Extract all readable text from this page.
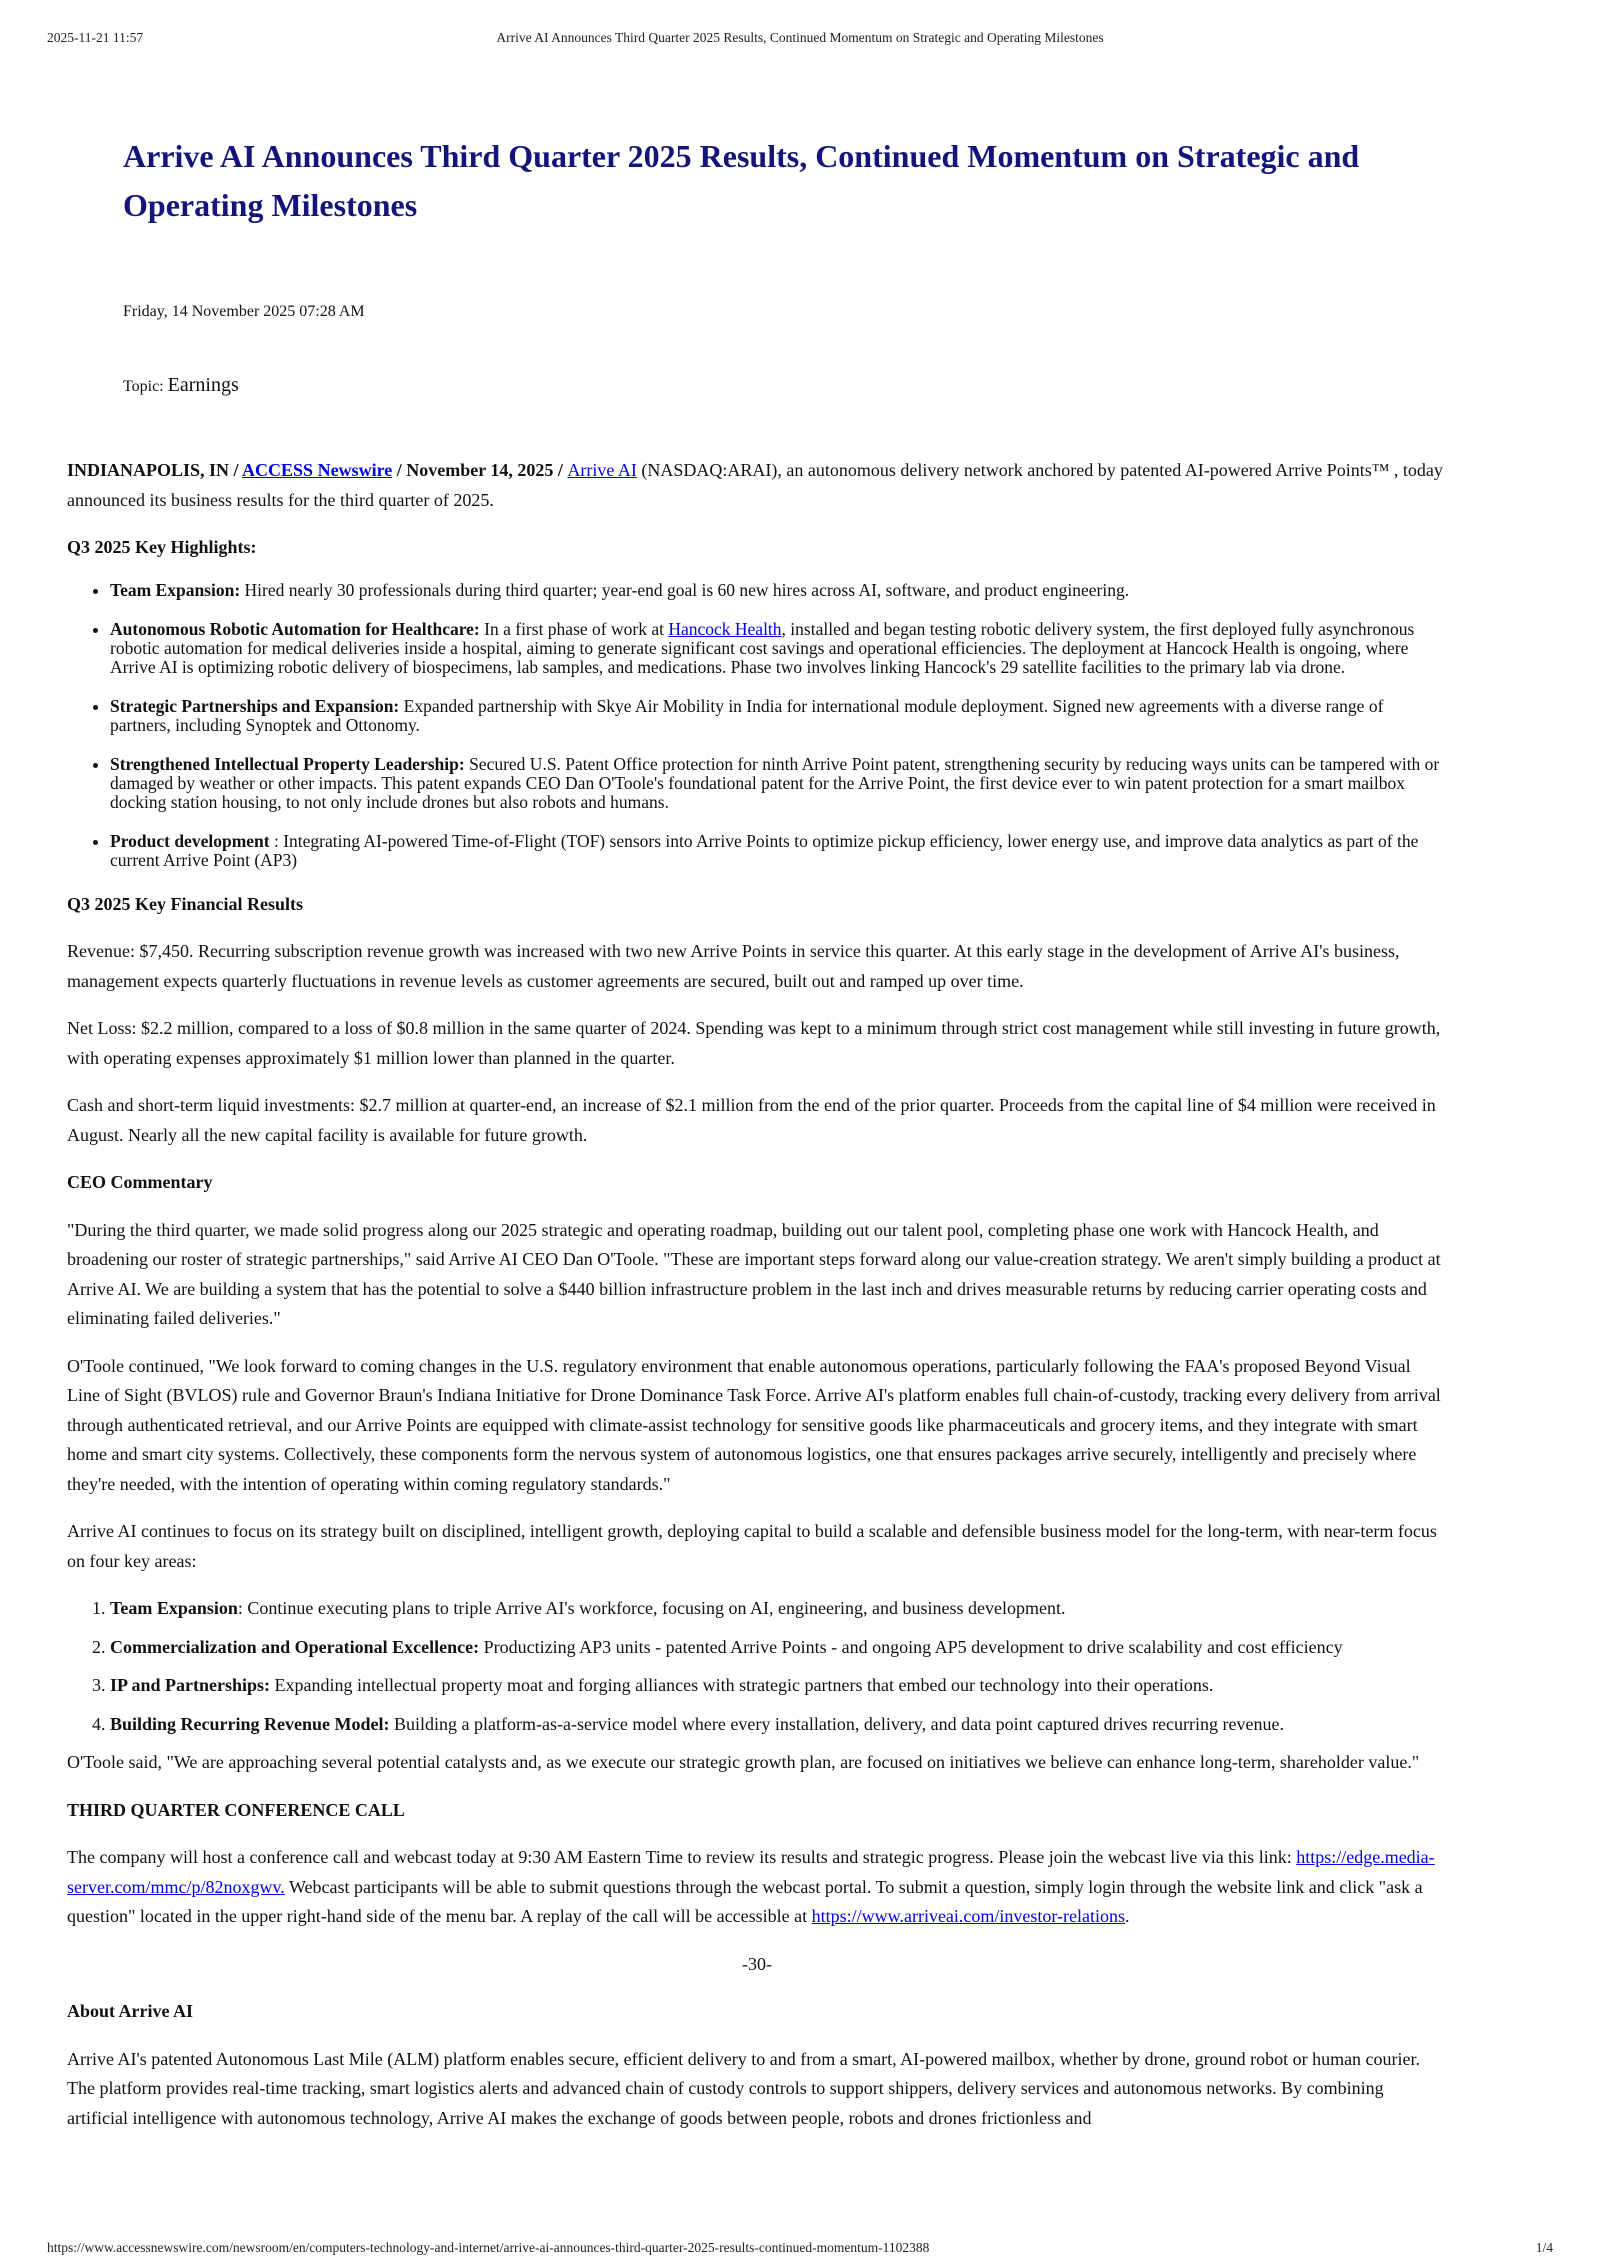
2025-11-21 11:57	Arrive AI Announces Third Quarter 2025 Results, Continued Momentum on Strategic and Operating Milestones
Arrive AI Announces Third Quarter 2025 Results, Continued Momentum on Strategic and Operating Milestones
Friday, 14 November 2025 07:28 AM
Topic: Earnings

INDIANAPOLIS, IN / ACCESS Newswire / November 14, 2025 / Arrive AI (NASDAQ:ARAI), an autonomous delivery network anchored by patented AI-powered Arrive Points™ , today announced its business results for the third quarter of 2025.

Q3 2025 Key Highlights:

• Team Expansion: Hired nearly 30 professionals during third quarter; year-end goal is 60 new hires across AI, software, and product engineering.
• Autonomous Robotic Automation for Healthcare: In a first phase of work at Hancock Health, installed and began testing robotic delivery system, the first deployed fully asynchronous robotic automation for medical deliveries inside a hospital, aiming to generate significant cost savings and operational efficiencies. The deployment at Hancock Health is ongoing, where Arrive AI is optimizing robotic delivery of biospecimens, lab samples, and medications. Phase two involves linking Hancock's 29 satellite facilities to the primary lab via drone.
• Strategic Partnerships and Expansion: Expanded partnership with Skye Air Mobility in India for international module deployment. Signed new agreements with a diverse range of partners, including Synoptek and Ottonomy.
• Strengthened Intellectual Property Leadership: Secured U.S. Patent Office protection for ninth Arrive Point patent, strengthening security by reducing ways units can be tampered with or damaged by weather or other impacts. This patent expands CEO Dan O'Toole's foundational patent for the Arrive Point, the first device ever to win patent protection for a smart mailbox docking station housing, to not only include drones but also robots and humans.
• Product development : Integrating AI-powered Time-of-Flight (TOF) sensors into Arrive Points to optimize pickup efficiency, lower energy use, and improve data analytics as part of the current Arrive Point (AP3)

Q3 2025 Key Financial Results

Revenue: $7,450. Recurring subscription revenue growth was increased with two new Arrive Points in service this quarter. At this early stage in the development of Arrive AI's business, management expects quarterly fluctuations in revenue levels as customer agreements are secured, built out and ramped up over time.

Net Loss: $2.2 million, compared to a loss of $0.8 million in the same quarter of 2024. Spending was kept to a minimum through strict cost management while still investing in future growth, with operating expenses approximately $1 million lower than planned in the quarter.

Cash and short-term liquid investments: $2.7 million at quarter-end, an increase of $2.1 million from the end of the prior quarter. Proceeds from the capital line of $4 million were received in August. Nearly all the new capital facility is available for future growth.

CEO Commentary

"During the third quarter, we made solid progress along our 2025 strategic and operating roadmap, building out our talent pool, completing phase one work with Hancock Health, and broadening our roster of strategic partnerships," said Arrive AI CEO Dan O'Toole. "These are important steps forward along our value-creation strategy. We aren't simply building a product at Arrive AI. We are building a system that has the potential to solve a $440 billion infrastructure problem in the last inch and drives measurable returns by reducing carrier operating costs and eliminating failed deliveries."

O'Toole continued, "We look forward to coming changes in the U.S. regulatory environment that enable autonomous operations, particularly following the FAA's proposed Beyond Visual Line of Sight (BVLOS) rule and Governor Braun's Indiana Initiative for Drone Dominance Task Force. Arrive AI's platform enables full chain-of-custody, tracking every delivery from arrival through authenticated retrieval, and our Arrive Points are equipped with climate-assist technology for sensitive goods like pharmaceuticals and grocery items, and they integrate with smart home and smart city systems. Collectively, these components form the nervous system of autonomous logistics, one that ensures packages arrive securely, intelligently and precisely where they're needed, with the intention of operating within coming regulatory standards."

Arrive AI continues to focus on its strategy built on disciplined, intelligent growth, deploying capital to build a scalable and defensible business model for the long-term, with near-term focus on four key areas:

1. Team Expansion: Continue executing plans to triple Arrive AI's workforce, focusing on AI, engineering, and business development.
2. Commercialization and Operational Excellence: Productizing AP3 units - patented Arrive Points - and ongoing AP5 development to drive scalability and cost efficiency
3. IP and Partnerships: Expanding intellectual property moat and forging alliances with strategic partners that embed our technology into their operations.
4. Building Recurring Revenue Model: Building a platform-as-a-service model where every installation, delivery, and data point captured drives recurring revenue.

O'Toole said, "We are approaching several potential catalysts and, as we execute our strategic growth plan, are focused on initiatives we believe can enhance long-term, shareholder value."

THIRD QUARTER CONFERENCE CALL

The company will host a conference call and webcast today at 9:30 AM Eastern Time to review its results and strategic progress. Please join the webcast live via this link: https://edge.media-server.com/mmc/p/82noxgwv. Webcast participants will be able to submit questions through the webcast portal. To submit a question, simply login through the website link and click "ask a question" located in the upper right-hand side of the menu bar. A replay of the call will be accessible at https://www.arriveai.com/investor-relations.

-30-

About Arrive AI

Arrive AI's patented Autonomous Last Mile (ALM) platform enables secure, efficient delivery to and from a smart, AI-powered mailbox, whether by drone, ground robot or human courier. The platform provides real-time tracking, smart logistics alerts and advanced chain of custody controls to support shippers, delivery services and autonomous networks. By combining artificial intelligence with autonomous technology, Arrive AI makes the exchange of goods between people, robots and drones frictionless and

https://www.accessnewswire.com/newsroom/en/computers-technology-and-internet/arrive-ai-announces-third-quarter-2025-results-continued-momentum-1102388	1/4
